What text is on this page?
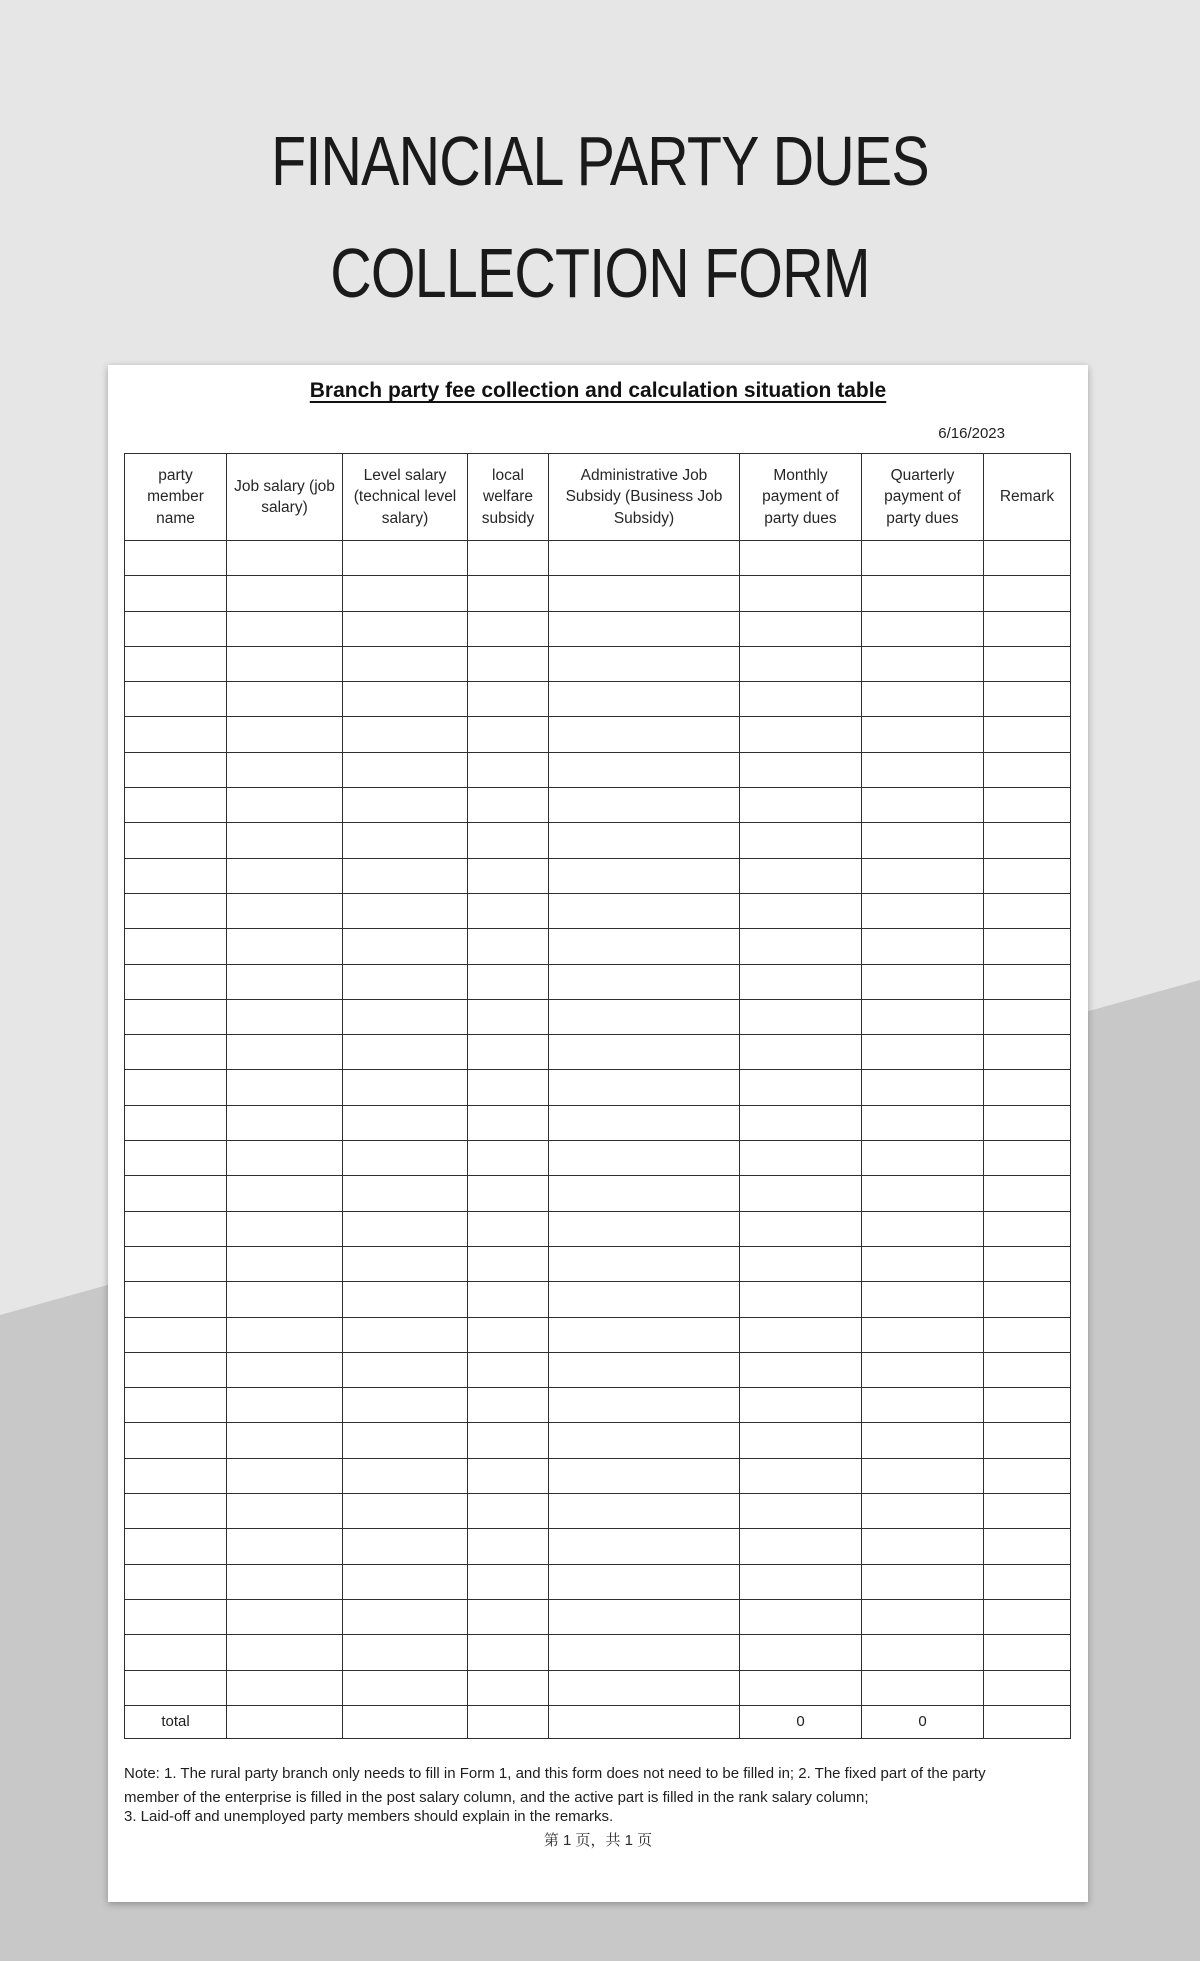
FINANCIAL PARTY DUES
COLLECTION FORM
Branch party fee collection and calculation situation table
6/16/2023
party member name	Job salary (job salary)	Level salary (technical level salary)	local welfare subsidy	Administrative Job Subsidy (Business Job Subsidy)	Monthly payment of party dues	Quarterly payment of party dues	Remark

total					0	0	
Note: 1. The rural party branch only needs to fill in Form 1, and this form does not need to be filled in; 2. The fixed part of the party
member of the enterprise is filled in the post salary column, and the active part is filled in the rank salary column;
3. Laid-off and unemployed party members should explain in the remarks.
第 1 页，共 1 页
